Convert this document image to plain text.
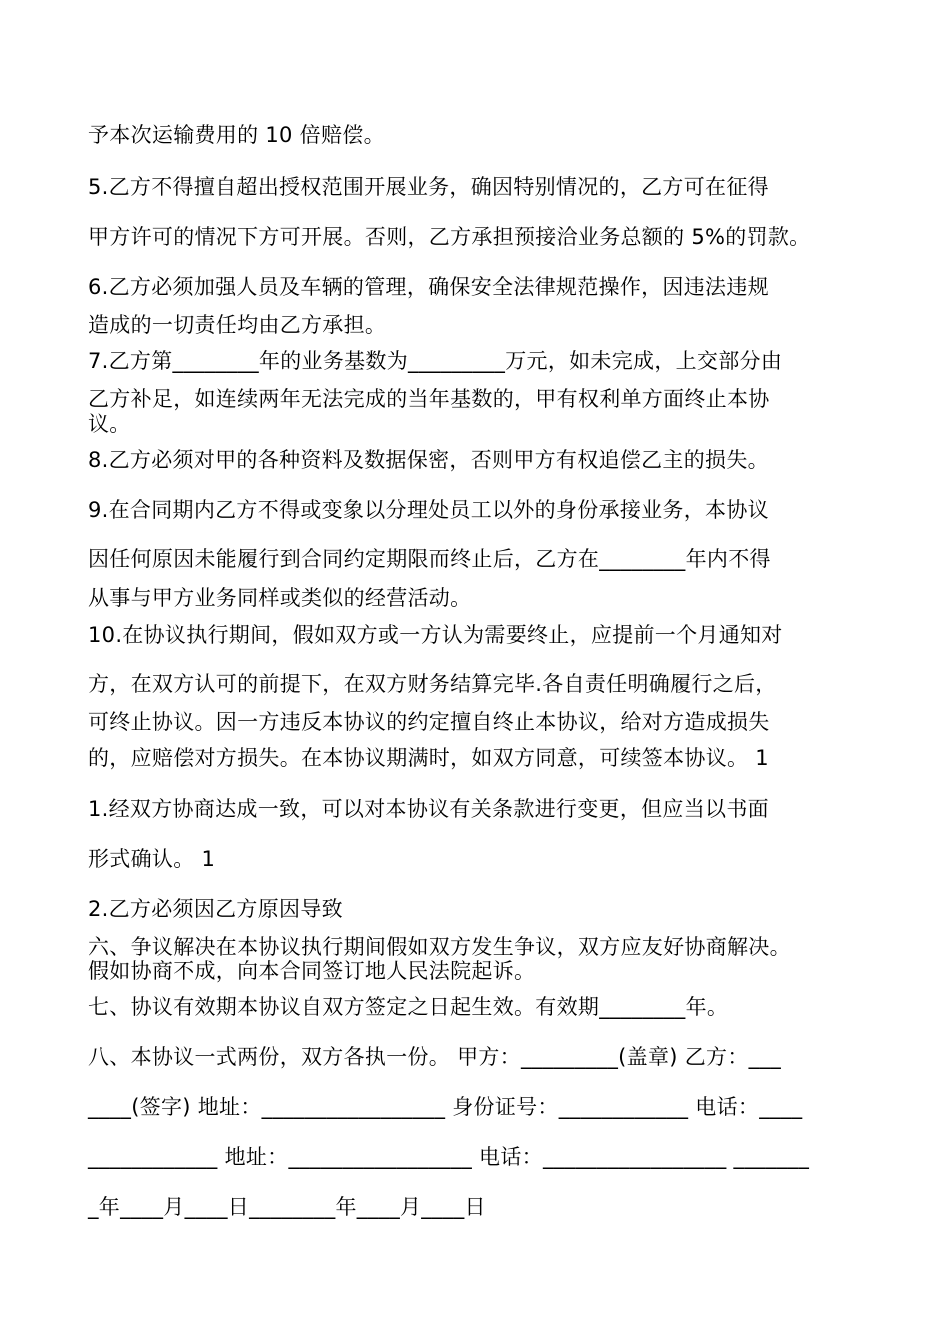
予本次运输费用的 10 倍赔偿。
5.乙方不得擅自超出授权范围开展业务，确因特别情况的，乙方可在征得
甲方许可的情况下方可开展。否则，乙方承担预接洽业务总额的 5%的罚款。
6.乙方必须加强人员及车辆的管理，确保安全法律规范操作，因违法违规
造成的一切责任均由乙方承担。
7.乙方第________年的业务基数为_________万元，如未完成，上交部分由
乙方补足，如连续两年无法完成的当年基数的，甲有权利单方面终止本协
议。
8.乙方必须对甲的各种资料及数据保密，否则甲方有权追偿乙主的损失。
9.在合同期内乙方不得或变象以分理处员工以外的身份承接业务，本协议
因任何原因未能履行到合同约定期限而终止后，乙方在________年内不得
从事与甲方业务同样或类似的经营活动。
10.在协议执行期间，假如双方或一方认为需要终止，应提前一个月通知对
方，在双方认可的前提下，在双方财务结算完毕.各自责任明确履行之后，
可终止协议。因一方违反本协议的约定擅自终止本协议，给对方造成损失
的，应赔偿对方损失。在本协议期满时，如双方同意，可续签本协议。 1
1.经双方协商达成一致，可以对本协议有关条款进行变更，但应当以书面
形式确认。 1
2.乙方必须因乙方原因导致
六、争议解决在本协议执行期间假如双方发生争议，双方应友好协商解决。
假如协商不成，向本合同签订地人民法院起诉。
七、协议有效期本协议自双方签定之日起生效。有效期________年。
八、本协议一式两份，双方各执一份。 甲方：_________(盖章) 乙方：___
____(签字) 地址：_________________ 身份证号：____________ 电话：____
____________ 地址：_________________ 电话：_________________ _______
_年____月____日________年____月____日
